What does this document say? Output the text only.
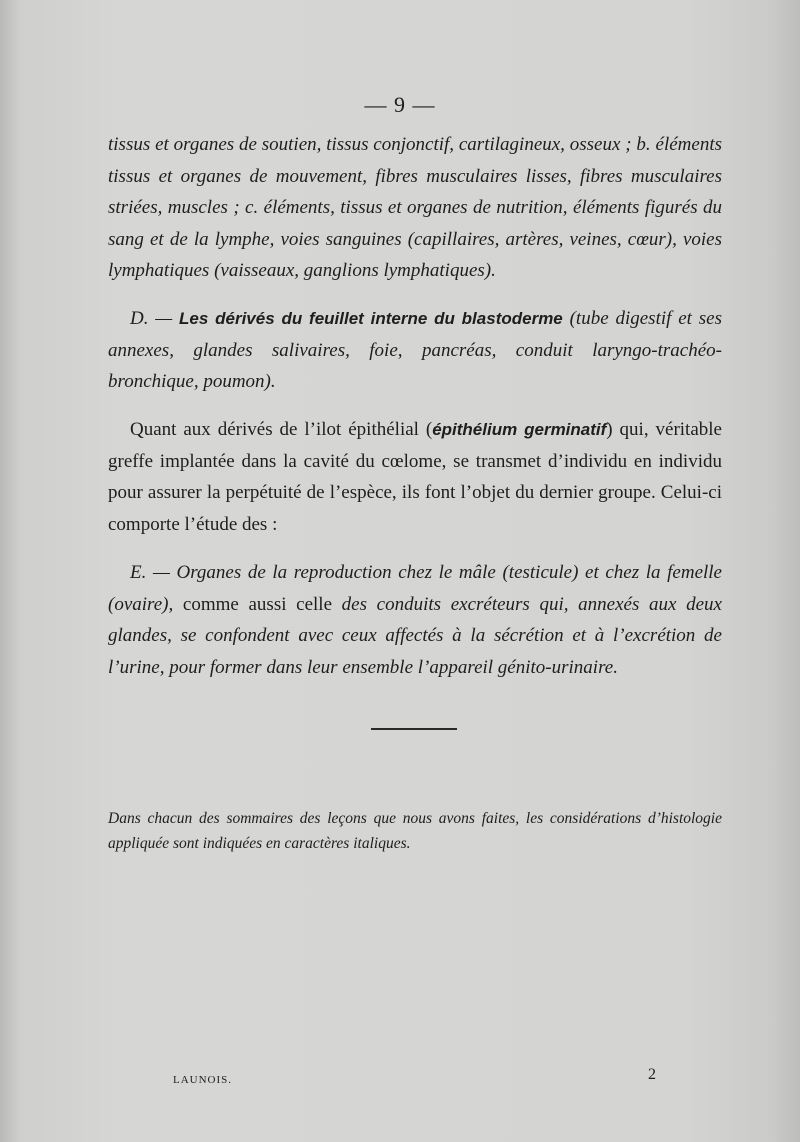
— 9 —

tissus et organes de soutien, tissus conjonctif, cartilagineux, osseux ; b. éléments tissus et organes de mouvement, fibres musculaires lisses, fibres musculaires striées, muscles ; c. éléments, tissus et organes de nutrition, éléments figurés du sang et de la lymphe, voies sanguines (capillaires, artères, veines, cœur), voies lymphatiques (vaisseaux, ganglions lymphatiques).

D. — Les dérivés du feuillet interne du blastoderme (tube digestif et ses annexes, glandes salivaires, foie, pancréas, conduit laryngo-trachéo-bronchique, poumon).

Quant aux dérivés de l’ilot épithélial (épithélium germinatif) qui, véritable greffe implantée dans la cavité du cœlome, se transmet d’individu en individu pour assurer la perpétuité de l’espèce, ils font l’objet du dernier groupe. Celui-ci comporte l’étude des :

E. — Organes de la reproduction chez le mâle (testicule) et chez la femelle (ovaire), comme aussi celle des conduits excréteurs qui, annexés aux deux glandes, se confondent avec ceux affectés à la sécrétion et à l’excrétion de l’urine, pour former dans leur ensemble l’appareil génito-urinaire.

Dans chacun des sommaires des leçons que nous avons faites, les considérations d’histologie appliquée sont indiquées en caractères italiques.

LAUNOIS.	2
